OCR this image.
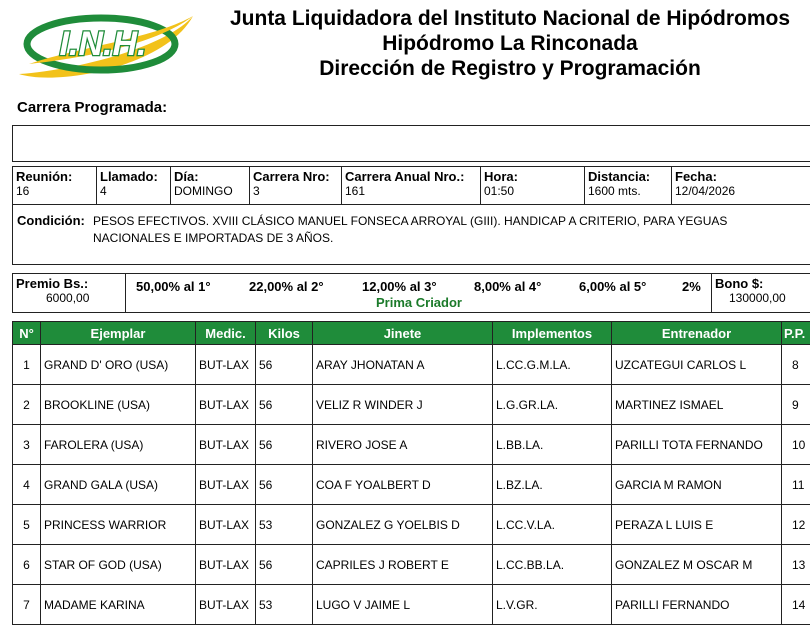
I.N.H.
Junta Liquidadora del Instituto Nacional de Hipódromos
Hipódromo La Rinconada
Dirección de Registro y Programación
Carrera Programada:
Reunión:
16
Llamado:
4
Día:
DOMINGO
Carrera Nro:
3
Carrera Anual Nro.:
161
Hora:
01:50
Distancia:
1600 mts.
Fecha:
12/04/2026
Condición: PESOS EFECTIVOS. XVIII CLÁSICO MANUEL FONSECA ARROYAL (GIII). HANDICAP A CRITERIO, PARA YEGUAS NACIONALES E IMPORTADAS DE 3 AÑOS.
Premio Bs.:
6000,00
50,00% al 1°	22,00% al 2°	12,00% al 3°	8,00% al 4°	6,00% al 5°	2%
Prima Criador
Bono $:
130000,00
N°	Ejemplar	Medic.	Kilos	Jinete	Implementos	Entrenador	P.P.
1	GRAND D' ORO (USA)	BUT-LAX	56	ARAY JHONATAN A	L.CC.G.M.LA.	UZCATEGUI CARLOS L	8
2	BROOKLINE (USA)	BUT-LAX	56	VELIZ R WINDER J	L.G.GR.LA.	MARTINEZ ISMAEL	9
3	FAROLERA (USA)	BUT-LAX	56	RIVERO JOSE A	L.BB.LA.	PARILLI TOTA FERNANDO	10
4	GRAND GALA (USA)	BUT-LAX	56	COA F YOALBERT D	L.BZ.LA.	GARCIA M RAMON	11
5	PRINCESS WARRIOR	BUT-LAX	53	GONZALEZ G YOELBIS D	L.CC.V.LA.	PERAZA L LUIS E	12
6	STAR OF GOD (USA)	BUT-LAX	56	CAPRILES J ROBERT E	L.CC.BB.LA.	GONZALEZ M OSCAR M	13
7	MADAME KARINA	BUT-LAX	53	LUGO V JAIME L	L.V.GR.	PARILLI FERNANDO	14
